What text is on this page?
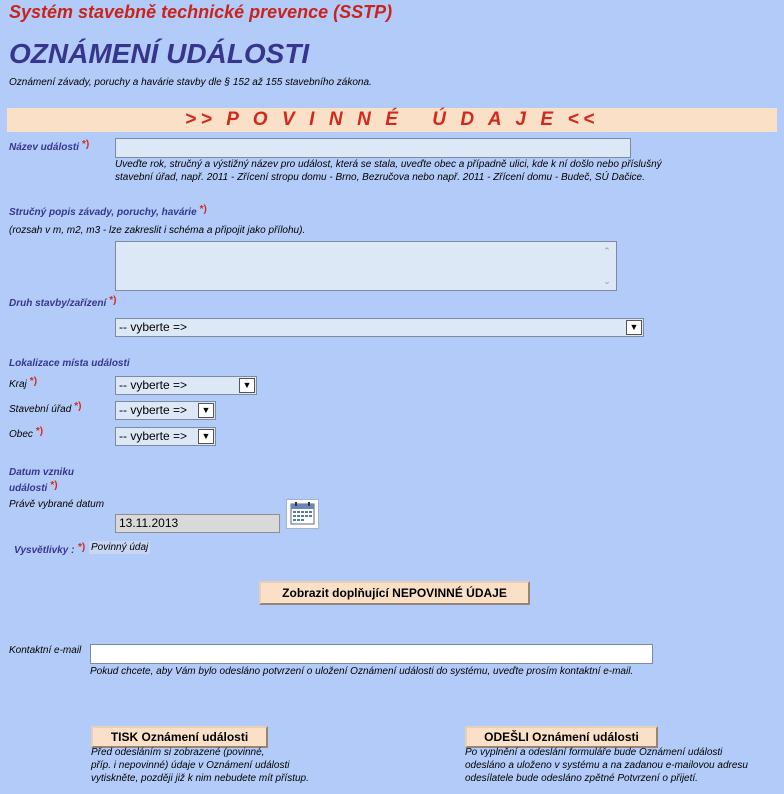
Systém stavebně technické prevence (SSTP)
OZNÁMENÍ UDÁLOSTI
Oznámení závady, poruchy a havárie stavby dle § 152 až 155 stavebního zákona.
>> P O V I N N É   Ú D A J E <<
Název události *)
Uveďte rok, stručný a výstižný název pro událost, která se stala, uveďte obec a případně ulici, kde k ní došlo nebo příslušný
stavební úřad, např. 2011 - Zřícení stropu domu - Brno, Bezručova nebo např. 2011 - Zřícení domu - Budeč, SÚ Dačice.
Stručný popis závady, poruchy, havárie *)
(rozsah v m, m2, m3 - lze zakreslit i schéma a připojit jako přílohu).
⌃
⌄
Druh stavby/zařízení *)
-- vyberte =>	▼
Lokalizace místa události
Kraj *)	-- vyberte =>	▼
Stavební úřad *)	-- vyberte =>	▼
Obec *)	-- vyberte =>	▼
Datum vzniku
události *)
Právě vybrané datum
13.11.2013
Vysvětlivky : *) Povinný údaj
Zobrazit doplňující NEPOVINNÉ ÚDAJE
Kontaktní e-mail
Pokud chcete, aby Vám bylo odesláno potvrzení o uložení Oznámení události do systému, uveďte prosím kontaktní e-mail.
TISK Oznámení události
Před odesláním si zobrazené (povinné,
příp. i nepovinné) údaje v Oznámení události
vytiskněte, později již k nim nebudete mít přístup.
ODEŠLI Oznámení události
Po vyplnění a odeslání formuláře bude Oznámení události
odesláno a uloženo v systému a na zadanou e-mailovou adresu
odesílatele bude odesláno zpětné Potvrzení o přijetí.
